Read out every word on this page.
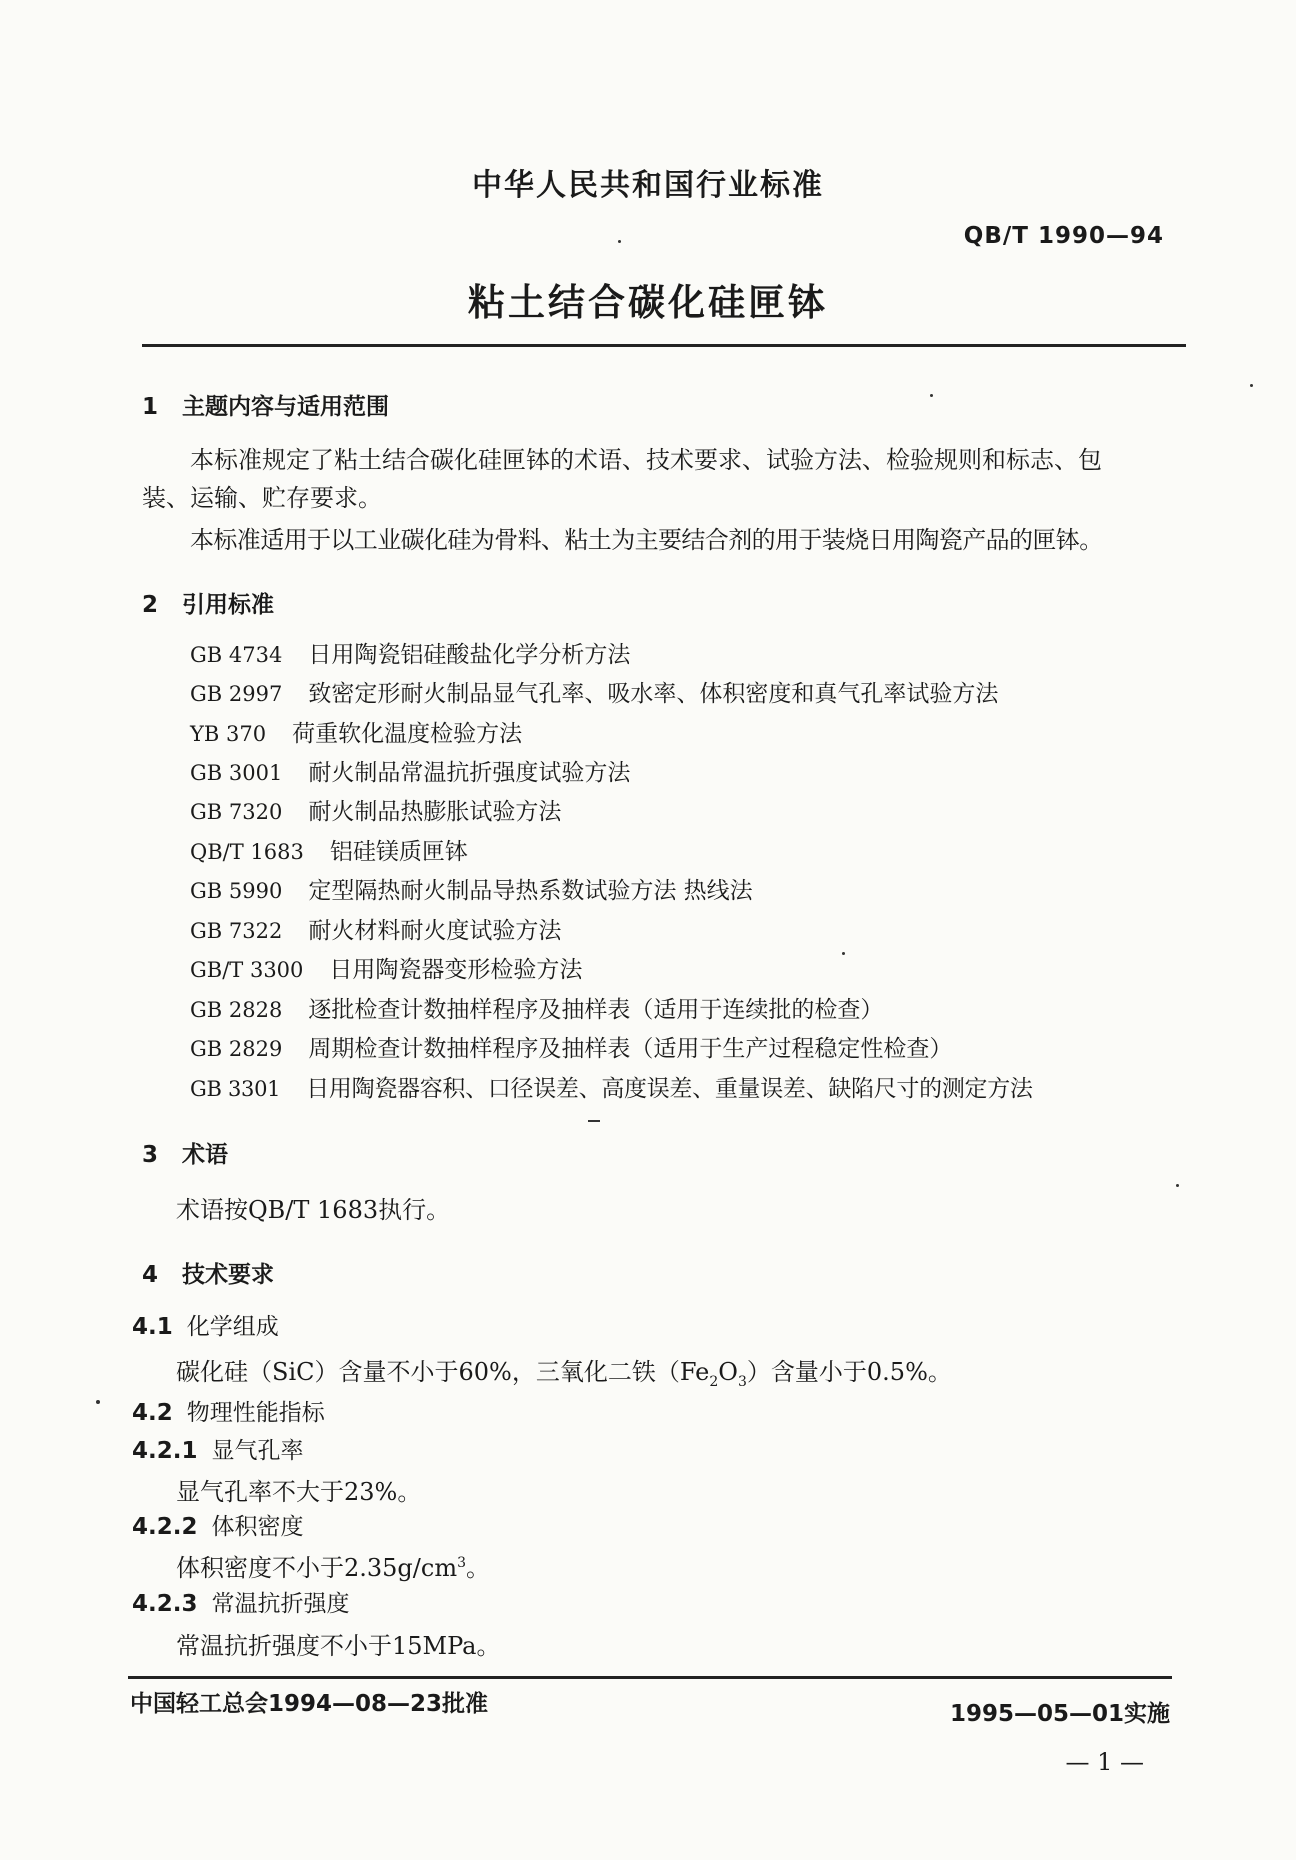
中华人民共和国行业标准
QB/T 1990—94
粘土结合碳化硅匣钵
1 主题内容与适用范围
本标准规定了粘土结合碳化硅匣钵的术语、技术要求、试验方法、检验规则和标志、包
装、运输、贮存要求。
本标准适用于以工业碳化硅为骨料、粘土为主要结合剂的用于装烧日用陶瓷产品的匣钵。
2 引用标准
GB 4734 日用陶瓷铝硅酸盐化学分析方法
GB 2997 致密定形耐火制品显气孔率、吸水率、体积密度和真气孔率试验方法
YB 370 荷重软化温度检验方法
GB 3001 耐火制品常温抗折强度试验方法
GB 7320 耐火制品热膨胀试验方法
QB/T 1683 铝硅镁质匣钵
GB 5990 定型隔热耐火制品导热系数试验方法 热线法
GB 7322 耐火材料耐火度试验方法
GB/T 3300 日用陶瓷器变形检验方法
GB 2828 逐批检查计数抽样程序及抽样表（适用于连续批的检查）
GB 2829 周期检查计数抽样程序及抽样表（适用于生产过程稳定性检查）
GB 3301 日用陶瓷器容积、口径误差、高度误差、重量误差、缺陷尺寸的测定方法
3 术语
术语按QB/T 1683执行。
4 技术要求
4.1 化学组成
碳化硅（SiC）含量不小于60%，三氧化二铁$(Fe_2O_3)$含量小于0.5%。
4.2 物理性能指标
4.2.1 显气孔率
显气孔率不大于23%。
4.2.2 体积密度
体积密度不小于$2.35g/cm^3$。
4.2.3 常温抗折强度
常温抗折强度不小于15MPa。
中国轻工总会1994—08—23批准	1995—05—01实施
— 1 —
